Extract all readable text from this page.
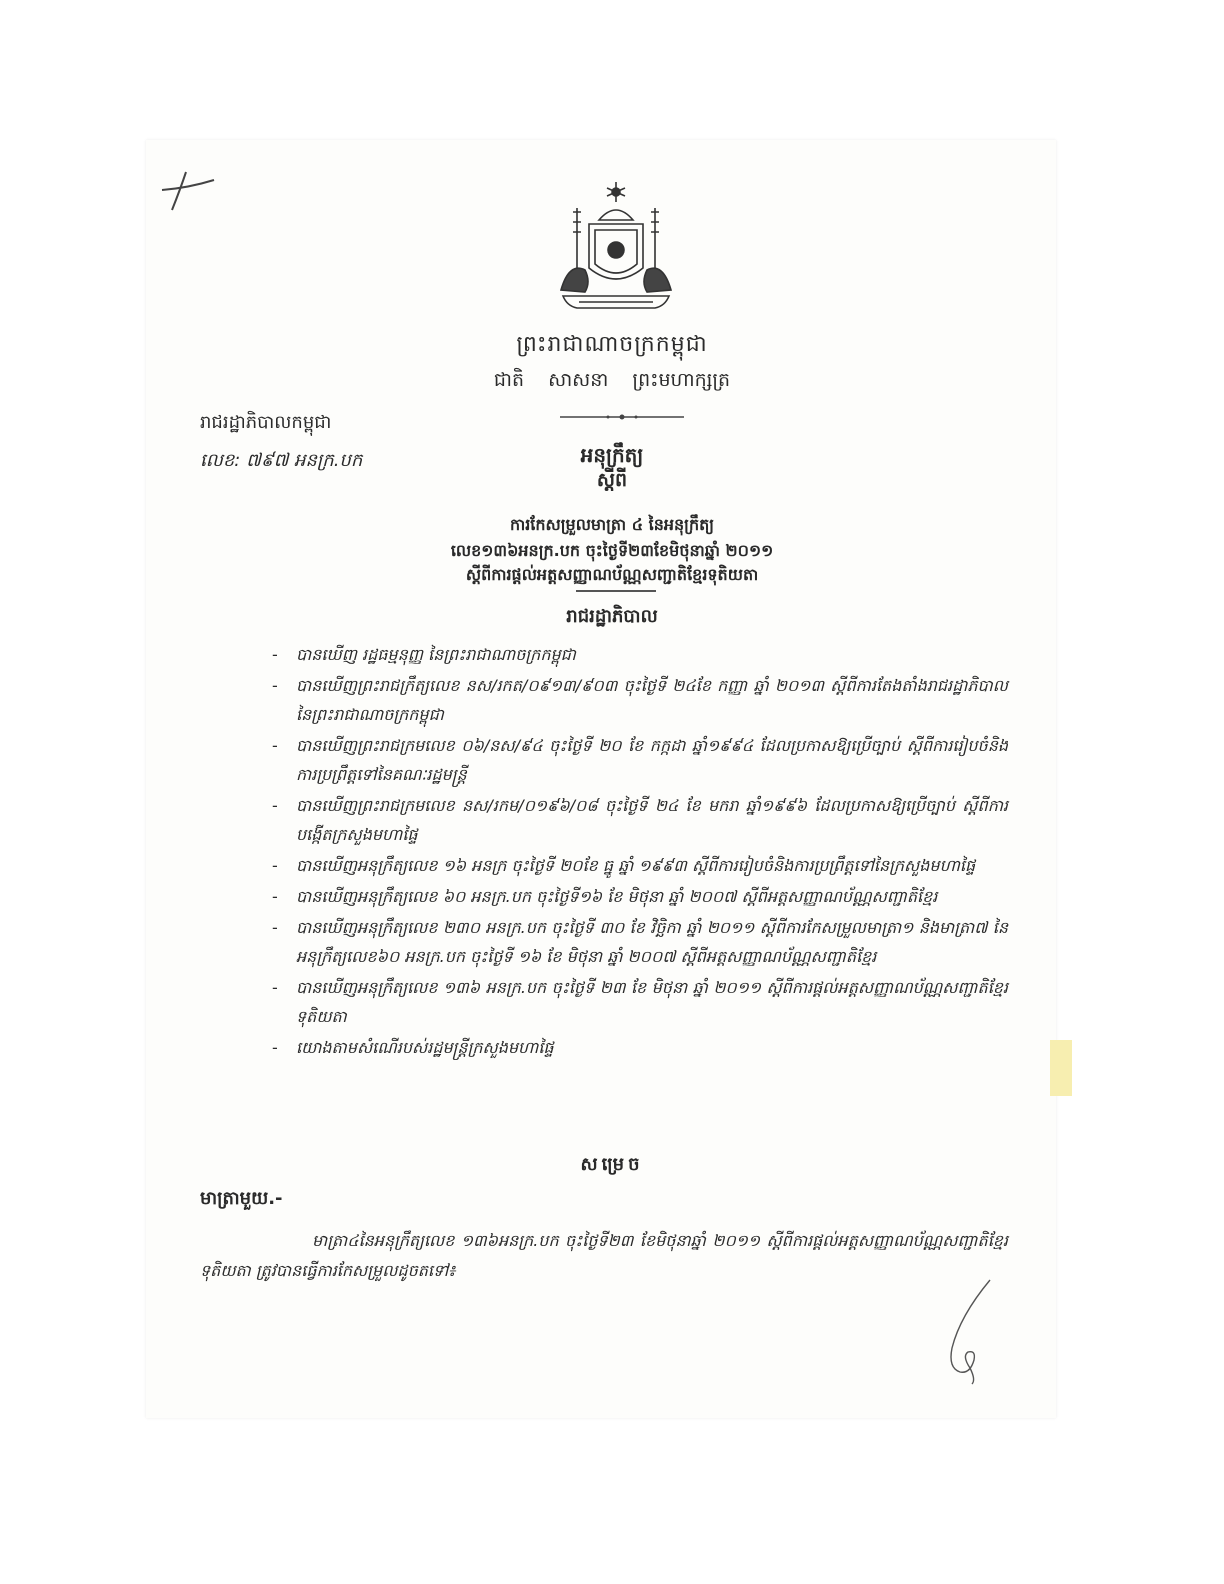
ព្រះរាជាណាចក្រកម្ពុជា
ជាតិ សាសនា ព្រះមហាក្សត្រ
រាជរដ្ឋាភិបាលកម្ពុជា
លេខ: ៧៩៧ អនក្រ.បក	អនុក្រឹត្យ
ស្តីពី
ការកែសម្រួលមាត្រា ៤ នៃអនុក្រឹត្យ
លេខ១៣៦អនក្រ.បក ចុះថ្ងៃទី២៣ខែមិថុនាឆ្នាំ ២០១១
ស្តីពីការផ្តល់អត្តសញ្ញាណប័ណ្ណសញ្ជាតិខ្មែរទុតិយតា
រាជរដ្ឋាភិបាល
- បានឃើញ រដ្ឋធម្មនុញ្ញ នៃព្រះរាជាណាចក្រកម្ពុជា
- បានឃើញព្រះរាជក្រឹត្យលេខ នស/រកត/០៩១៣/៩០៣ ចុះថ្ងៃទី ២៤ខែ កញ្ញា ឆ្នាំ ២០១៣ ស្តីពីការតែងតាំងរាជរដ្ឋាភិបាលនៃព្រះរាជាណាចក្រកម្ពុជា
- បានឃើញព្រះរាជក្រមលេខ ០៦/នស/៩៤ ចុះថ្ងៃទី ២០ ខែ កក្កដា ឆ្នាំ១៩៩៤ ដែលប្រកាសឱ្យប្រើច្បាប់ ស្តីពីការរៀបចំនិងការប្រព្រឹត្តទៅនៃគណៈរដ្ឋមន្ត្រី
- បានឃើញព្រះរាជក្រមលេខ នស/រកម/០១៩៦/០៨ ចុះថ្ងៃទី ២៤ ខែ មករា ឆ្នាំ១៩៩៦ ដែលប្រកាសឱ្យប្រើច្បាប់ ស្តីពីការបង្កើតក្រសួងមហាផ្ទៃ
- បានឃើញអនុក្រឹត្យលេខ ១៦ អនក្រ ចុះថ្ងៃទី ២០ខែ ធ្នូ ឆ្នាំ ១៩៩៣ ស្តីពីការរៀបចំនិងការប្រព្រឹត្តទៅនៃក្រសួងមហាផ្ទៃ
- បានឃើញអនុក្រឹត្យលេខ ៦០ អនក្រ.បក ចុះថ្ងៃទី១៦ ខែ មិថុនា ឆ្នាំ ២០០៧ ស្តីពីអត្តសញ្ញាណប័ណ្ណសញ្ជាតិខ្មែរ
- បានឃើញអនុក្រឹត្យលេខ ២៣០ អនក្រ.បក ចុះថ្ងៃទី ៣០ ខែ វិច្ឆិកា ឆ្នាំ ២០១១ ស្តីពីការកែសម្រួលមាត្រា១ និងមាត្រា៧ នៃ អនុក្រឹត្យលេខ៦០ អនក្រ.បក ចុះថ្ងៃទី ១៦ ខែ មិថុនា ឆ្នាំ ២០០៧ ស្តីពីអត្តសញ្ញាណប័ណ្ណសញ្ជាតិខ្មែរ
- បានឃើញអនុក្រឹត្យលេខ ១៣៦ អនក្រ.បក ចុះថ្ងៃទី ២៣ ខែ មិថុនា ឆ្នាំ ២០១១ ស្តីពីការផ្តល់អត្តសញ្ញាណប័ណ្ណសញ្ជាតិខ្មែរទុតិយតា
- យោងតាមសំណើរបស់រដ្ឋមន្ត្រីក្រសួងមហាផ្ទៃ
សម្រេច
មាត្រាមួយ.-
មាត្រា៤នៃអនុក្រឹត្យលេខ ១៣៦អនក្រ.បក ចុះថ្ងៃទី២៣ ខែមិថុនាឆ្នាំ ២០១១ ស្តីពីការផ្តល់អត្តសញ្ញាណប័ណ្ណសញ្ជាតិខ្មែរទុតិយតា ត្រូវបានធ្វើការកែសម្រួលដូចតទៅ៖
